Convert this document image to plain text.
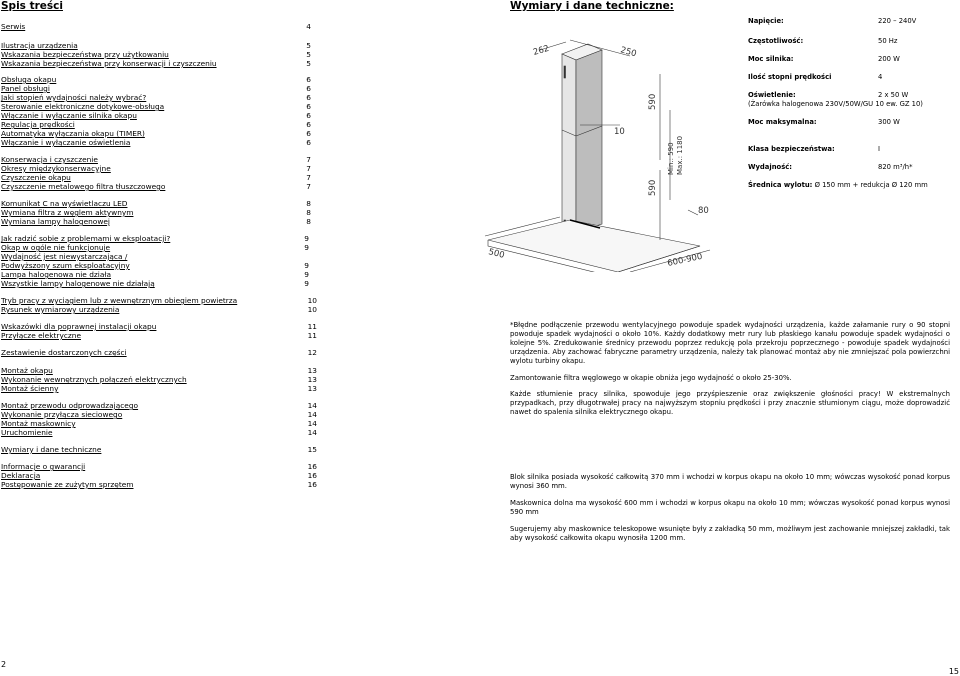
Spis treści
Serwis	4
Ilustracja urządzenia	5
Wskazania bezpieczeństwa przy użytkowaniu	5
Wskazania bezpieczeństwa przy konserwacji i czyszczeniu	5
Obsługa okapu	6
Panel obsługi	6
Jaki stopień wydajności należy wybrać?	6
Sterowanie elektroniczne dotykowe-obsługa	6
Włączanie i wyłączanie silnika okapu	6
Regulacja prędkości	6
Automatyka wyłączania okapu (TIMER)	6
Włączanie i wyłączanie oświetlenia	6
Konserwacja i czyszczenie	7
Okresy międzykonserwacyjne	7
Czyszczenie okapu	7
Czyszczenie metalowego filtra tłuszczowego	7
Komunikat C na wyświetlaczu LED	8
Wymiana filtra z węglem aktywnym	8
Wymiana lampy halogenowej	8
Jak radzić sobie z problemami w eksploatacji?	9
Okap w ogóle nie funkcjonuje	9
Wydajność jest niewystarczająca /
Podwyższony szum eksploatacyjny	9
Lampa halogenowa nie działa	9
Wszystkie lampy halogenowe nie działają	9
Tryb pracy z wyciągiem lub z wewnętrznym obiegiem powietrza	10
Rysunek wymiarowy urządzenia	10
Wskazówki dla poprawnej instalacji okapu	11
Przyłącze elektryczne	11
Zestawienie dostarczonych części	12
Montaż okapu	13
Wykonanie wewnętrznych połączeń elektrycznych	13
Montaż ścienny	13
Montaż przewodu odprowadzającego	14
Wykonanie przyłącza sieciowego	14
Montaż maskownicy	14
Uruchomienie	14
Wymiary i dane techniczne	15
Informacje o gwarancji	16
Deklaracja	16
Postępowanie ze zużytym sprzętem	16
2
Wymiary i dane techniczne:
262	250
590
10
590
Min.: 590 Max.: 1180
80
500	600-900
Napięcie:	220 – 240V
Częstotliwość:	50 Hz
Moc silnika:	200 W
Ilość stopni prędkości	4
Oświetlenie:	2 x 50 W
(Żarówka halogenowa 230V/50W/GU 10 ew. GZ 10)
Moc maksymalna:	300 W
Klasa bezpieczeństwa:	I
Wydajność:	820 m³/h*
Średnica wylotu: Ø 150 mm + redukcja Ø 120 mm

*Błędne podłączenie przewodu wentylacyjnego powoduje spadek wydajności urządzenia, każde załamanie rury o 90 stopni powoduje spadek wydajności o około 10%. Każdy dodatkowy metr rury lub płaskiego kanału powoduje spadek wydajności o kolejne 5%. Zredukowanie średnicy przewodu poprzez redukcję pola przekroju poprzecznego - powoduje spadek wydajności urządzenia. Aby zachować fabryczne parametry urządzenia, należy tak planować montaż aby nie zmniejszać pola powierzchni wylotu turbiny okapu.

Zamontowanie filtra węglowego w okapie obniża jego wydajność o około 25-30%.

Każde stłumienie pracy silnika, spowoduje jego przyśpieszenie oraz zwiększenie głośności pracy! W ekstremalnych przypadkach, przy długotrwałej pracy na najwyższym stopniu prędkości i przy znacznie stłumionym ciągu, może doprowadzić nawet do spalenia silnika elektrycznego okapu.

Blok silnika posiada wysokość całkowitą 370 mm i wchodzi w korpus okapu na około 10 mm; wówczas wysokość ponad korpus wynosi 360 mm.

Maskownica dolna ma wysokość 600 mm i wchodzi w korpus okapu na około 10 mm; wówczas wysokość ponad korpus wynosi 590 mm

Sugerujemy aby maskownice teleskopowe wsunięte były z zakładką 50 mm, możliwym jest zachowanie mniejszej zakładki, tak aby wysokość całkowita okapu wynosiła 1200 mm.

15
